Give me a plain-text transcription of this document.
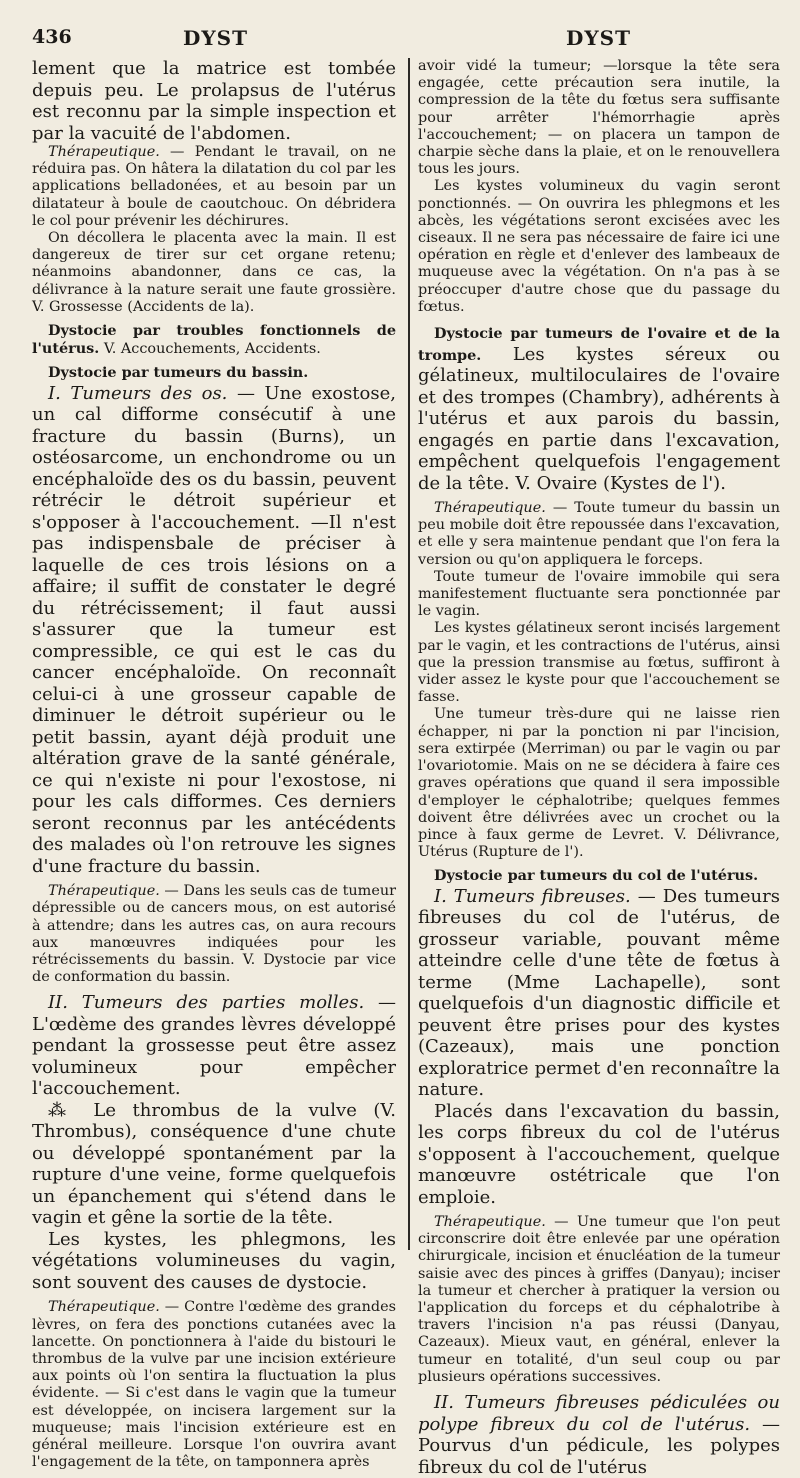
436	DYST	DYST

lement que la matrice est tombée depuis peu. Le prolapsus de l'utérus est reconnu par la simple inspection et par la vacuité de l'abdomen.

Thérapeutique. — Pendant le travail, on ne réduira pas. On hâtera la dilatation du col par les applications belladonées, et au besoin par un dilatateur à boule de caoutchouc. On débridera le col pour prévenir les déchirures.

On décollera le placenta avec la main. Il est dangereux de tirer sur cet organe retenu; néanmoins abandonner, dans ce cas, la délivrance à la nature serait une faute grossière. V. Grossesse (Accidents de la).

Dystocie par troubles fonctionnels de l'utérus. V. Accouchements, Accidents.

Dystocie par tumeurs du bassin.

I. Tumeurs des os. — Une exostose, un cal difforme consécutif à une fracture du bassin (Burns), un ostéosarcome, un enchondrome ou un encéphaloïde des os du bassin, peuvent rétrécir le détroit supérieur et s'opposer à l'accouchement. —Il n'est pas indispensbale de préciser à laquelle de ces trois lésions on a affaire; il suffit de constater le degré du rétrécissement; il faut aussi s'assurer que la tumeur est compressible, ce qui est le cas du cancer encéphaloïde. On reconnaît celui-ci à une grosseur capable de diminuer le détroit supérieur ou le petit bassin, ayant déjà produit une altération grave de la santé générale, ce qui n'existe ni pour l'exostose, ni pour les cals difformes. Ces derniers seront reconnus par les antécédents des malades où l'on retrouve les signes d'une fracture du bassin.

Thérapeutique. — Dans les seuls cas de tumeur dépressible ou de cancers mous, on est autorisé à attendre; dans les autres cas, on aura recours aux manœuvres indiquées pour les rétrécissements du bassin. V. Dystocie par vice de conformation du bassin.

II. Tumeurs des parties molles. — L'œdème des grandes lèvres développé pendant la grossesse peut être assez volumineux pour empêcher l'accouchement.

⁂ Le thrombus de la vulve (V. Thrombus), conséquence d'une chute ou développé spontanément par la rupture d'une veine, forme quelquefois un épanchement qui s'étend dans le vagin et gêne la sortie de la tête.

Les kystes, les phlegmons, les végétations volumineuses du vagin, sont souvent des causes de dystocie.

Thérapeutique. — Contre l'œdème des grandes lèvres, on fera des ponctions cutanées avec la lancette. On ponctionnera à l'aide du bistouri le thrombus de la vulve par une incision extérieure aux points où l'on sentira la fluctuation la plus évidente. — Si c'est dans le vagin que la tumeur est développée, on incisera largement sur la muqueuse; mais l'incision extérieure est en général meilleure. Lorsque l'on ouvrira avant l'engagement de la tête, on tamponnera après

avoir vidé la tumeur; —lorsque la tête sera engagée, cette précaution sera inutile, la compression de la tête du fœtus sera suffisante pour arrêter l'hémorrhagie après l'accouchement; — on placera un tampon de charpie sèche dans la plaie, et on le renouvellera tous les jours.

Les kystes volumineux du vagin seront ponctionnés. — On ouvrira les phlegmons et les abcès, les végétations seront excisées avec les ciseaux. Il ne sera pas nécessaire de faire ici une opération en règle et d'enlever des lambeaux de muqueuse avec la végétation. On n'a pas à se préoccuper d'autre chose que du passage du fœtus.

Dystocie par tumeurs de l'ovaire et de la trompe. Les kystes séreux ou gélatineux, multiloculaires de l'ovaire et des trompes (Chambry), adhérents à l'utérus et aux parois du bassin, engagés en partie dans l'excavation, empêchent quelquefois l'engagement de la tête. V. Ovaire (Kystes de l').

Thérapeutique. — Toute tumeur du bassin un peu mobile doit être repoussée dans l'excavation, et elle y sera maintenue pendant que l'on fera la version ou qu'on appliquera le forceps.

Toute tumeur de l'ovaire immobile qui sera manifestement fluctuante sera ponctionnée par le vagin.

Les kystes gélatineux seront incisés largement par le vagin, et les contractions de l'utérus, ainsi que la pression transmise au fœtus, suffiront à vider assez le kyste pour que l'accouchement se fasse.

Une tumeur très-dure qui ne laisse rien échapper, ni par la ponction ni par l'incision, sera extirpée (Merriman) ou par le vagin ou par l'ovariotomie. Mais on ne se décidera à faire ces graves opérations que quand il sera impossible d'employer le céphalotribe; quelques femmes doivent être délivrées avec un crochet ou la pince à faux germe de Levret. V. Délivrance, Utérus (Rupture de l').

Dystocie par tumeurs du col de l'utérus.

I. Tumeurs fibreuses. — Des tumeurs fibreuses du col de l'utérus, de grosseur variable, pouvant même atteindre celle d'une tête de fœtus à terme (Mme Lachapelle), sont quelquefois d'un diagnostic difficile et peuvent être prises pour des kystes (Cazeaux), mais une ponction exploratrice permet d'en reconnaître la nature.

Placés dans l'excavation du bassin, les corps fibreux du col de l'utérus s'opposent à l'accouchement, quelque manœuvre ostétricale que l'on emploie.

Thérapeutique. — Une tumeur que l'on peut circonscrire doit être enlevée par une opération chirurgicale, incision et énucléation de la tumeur saisie avec des pinces à griffes (Danyau); inciser la tumeur et chercher à pratiquer la version ou l'application du forceps et du céphalotribe à travers l'incision n'a pas réussi (Danyau, Cazeaux). Mieux vaut, en général, enlever la tumeur en totalité, d'un seul coup ou par plusieurs opérations successives.

II. Tumeurs fibreuses pédiculées ou polype fibreux du col de l'utérus. — Pourvus d'un pédicule, les polypes fibreux du col de l'utérus
